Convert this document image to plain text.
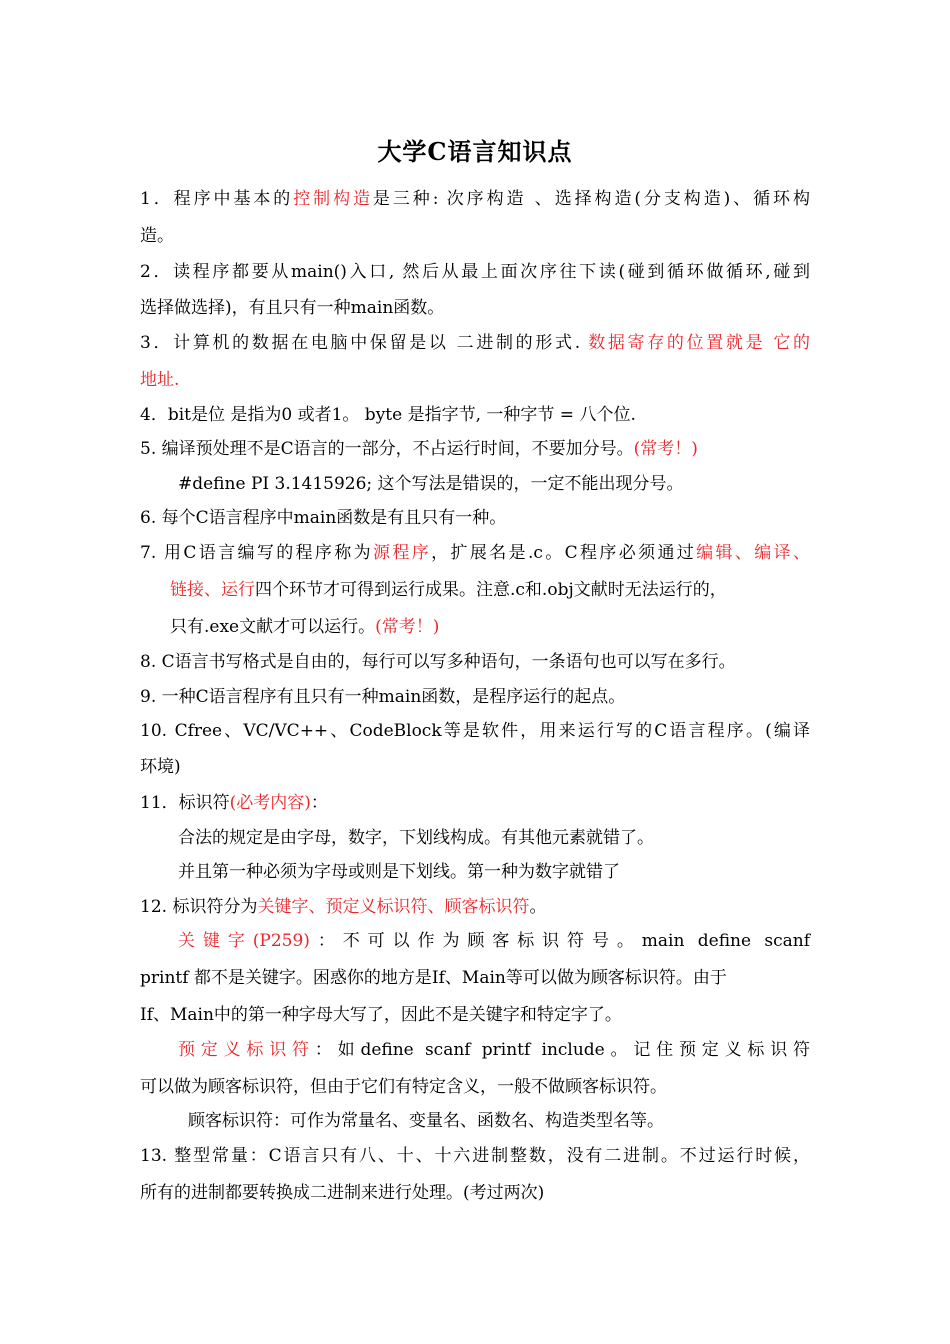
大学C语言知识点
1．程序中基本的控制构造是三种: 次序构造 、选择构造(分支构造)、循环构
造。
2．读程序都要从main()入口, 然后从最上面次序往下读(碰到循环做循环,碰到
选择做选择)，有且只有一种main函数。
3．计算机的数据在电脑中保留是以 二进制的形式. 数据寄存的位置就是 它的
地址.
4．bit是位 是指为0 或者1。 byte 是指字节, 一种字节 = 八个位.
5. 编译预处理不是C语言的一部分，不占运行时间，不要加分号。(常考！)
#define PI 3.1415926; 这个写法是错误的，一定不能出现分号。
6. 每个C语言程序中main函数是有且只有一种。
7. 用C语言编写的程序称为源程序，扩展名是.c。C程序必须通过编辑、编译、
链接、运行四个环节才可得到运行成果。注意.c和.obj文献时无法运行的，
只有.exe文献才可以运行。(常考！)
8. C语言书写格式是自由的，每行可以写多种语句，一条语句也可以写在多行。
9. 一种C语言程序有且只有一种main函数，是程序运行的起点。
10. Cfree、VC/VC++、CodeBlock等是软件，用来运行写的C语言程序。(编译
环境)
11．标识符(必考内容)：
合法的规定是由字母，数字，下划线构成。有其他元素就错了。
并且第一种必须为字母或则是下划线。第一种为数字就错了
12. 标识符分为关键字、预定义标识符、顾客标识符。
关键字(P259)：不可以作为顾客标识符号。main define scanf
printf 都不是关键字。困惑你的地方是If、Main等可以做为顾客标识符。由于
If、Main中的第一种字母大写了，因此不是关键字和特定字了。
预定义标识符：如define scanf printf include。记住预定义标识符
可以做为顾客标识符，但由于它们有特定含义，一般不做顾客标识符。
顾客标识符：可作为常量名、变量名、函数名、构造类型名等。
13. 整型常量：C语言只有八、十、十六进制整数，没有二进制。不过运行时候，
所有的进制都要转换成二进制来进行处理。(考过两次)
